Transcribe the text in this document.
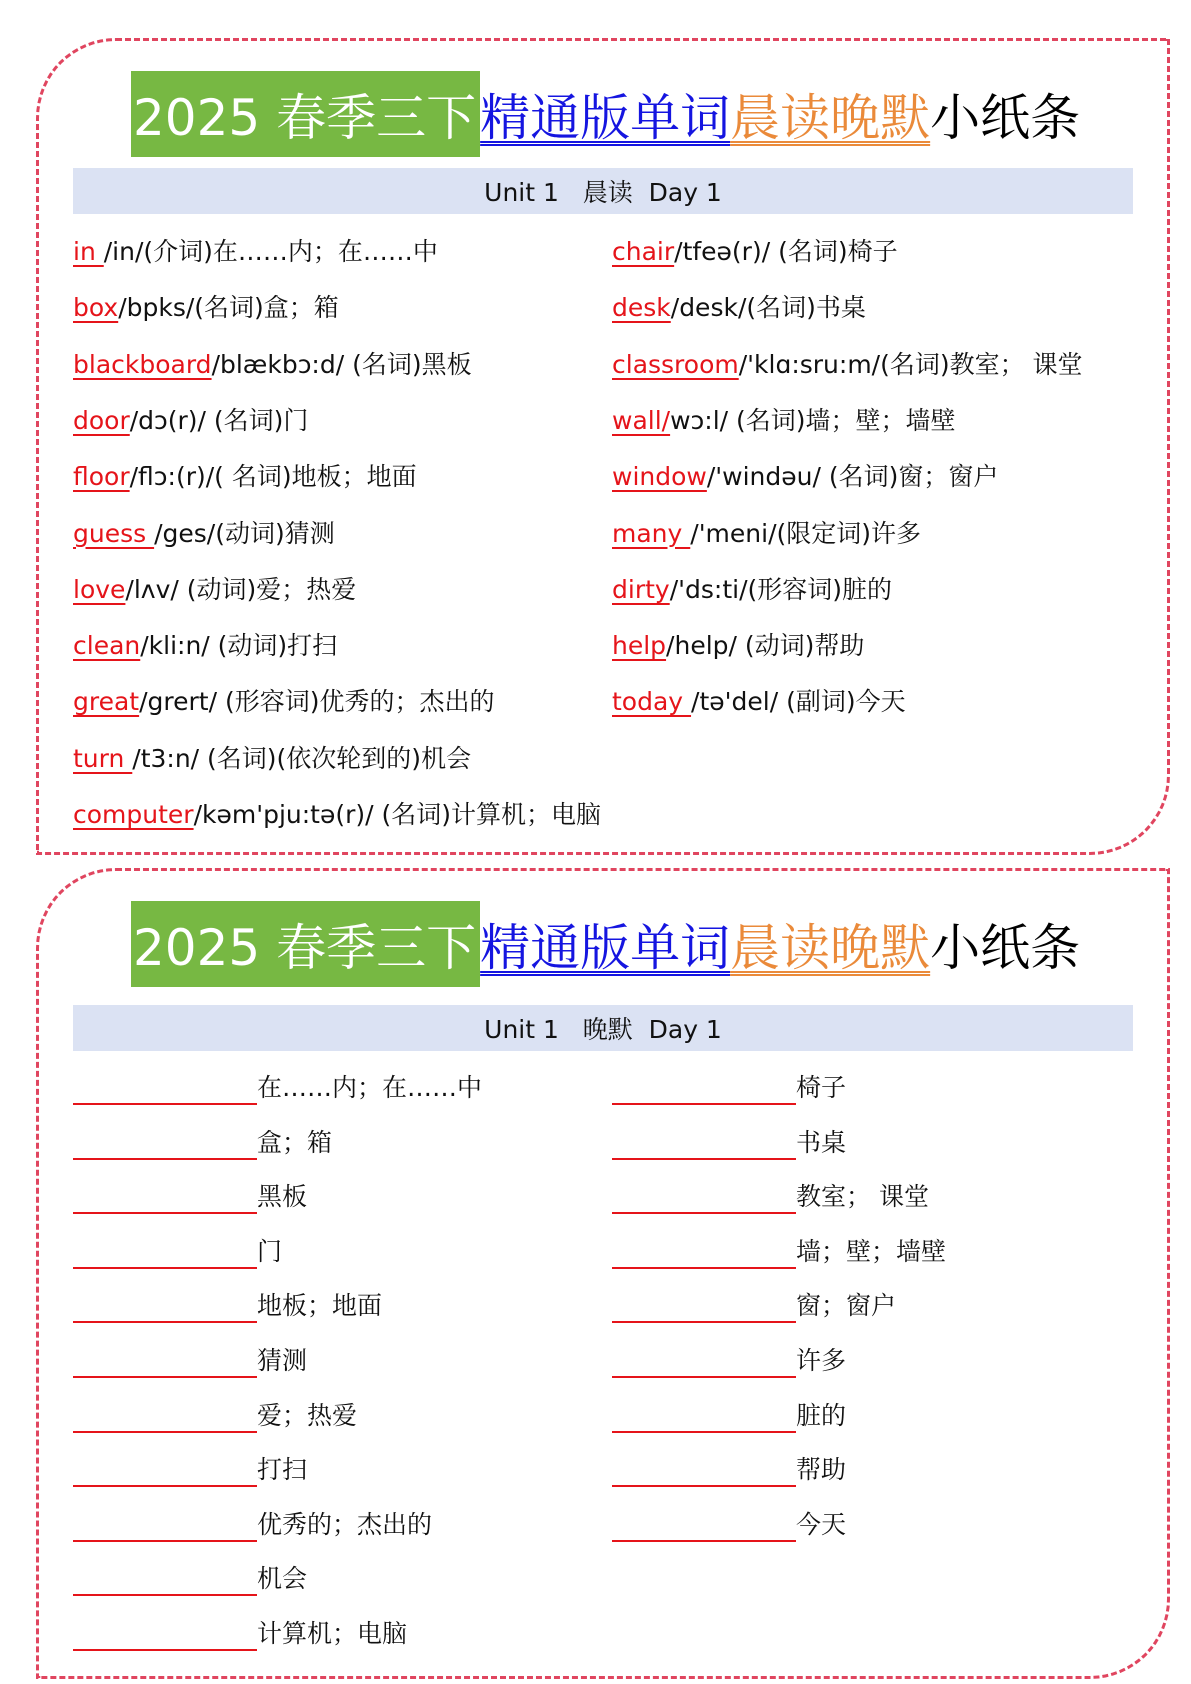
2025 春季三下 精通版单词 晨读晚默 小纸条
Unit 1   晨读  Day 1
in /in/(介词)在……内；在……中
box/bpks/(名词)盒；箱
blackboard/blækbɔ:d/ (名词)黑板
door/dɔ(r)/ (名词)门
floor/flɔ:(r)/( 名词)地板；地面
guess /ges/(动词)猜测
love/lʌv/ (动词)爱；热爱
clean/kli:n/ (动词)打扫
great/grert/ (形容词)优秀的；杰出的
turn /t3:n/ (名词)(依次轮到的)机会
computer/kəm'pju:tə(r)/ (名词)计算机；电脑
chair/tfeə(r)/ (名词)椅子
desk/desk/(名词)书桌
classroom/'klɑ:sru:m/(名词)教室； 课堂
wall/wɔ:l/ (名词)墙；壁；墙壁
window/'windəu/ (名词)窗；窗户
many /'meni/(限定词)许多
dirty/'ds:ti/(形容词)脏的
help/help/ (动词)帮助
today /tə'del/ (副词)今天
2025 春季三下 精通版单词 晨读晚默 小纸条
Unit 1   晚默  Day 1
在……内；在……中
盒；箱
黑板
门
地板；地面
猜测
爱；热爱
打扫
优秀的；杰出的
机会
计算机；电脑
椅子
书桌
教室； 课堂
墙；壁；墙壁
窗；窗户
许多
脏的
帮助
今天
